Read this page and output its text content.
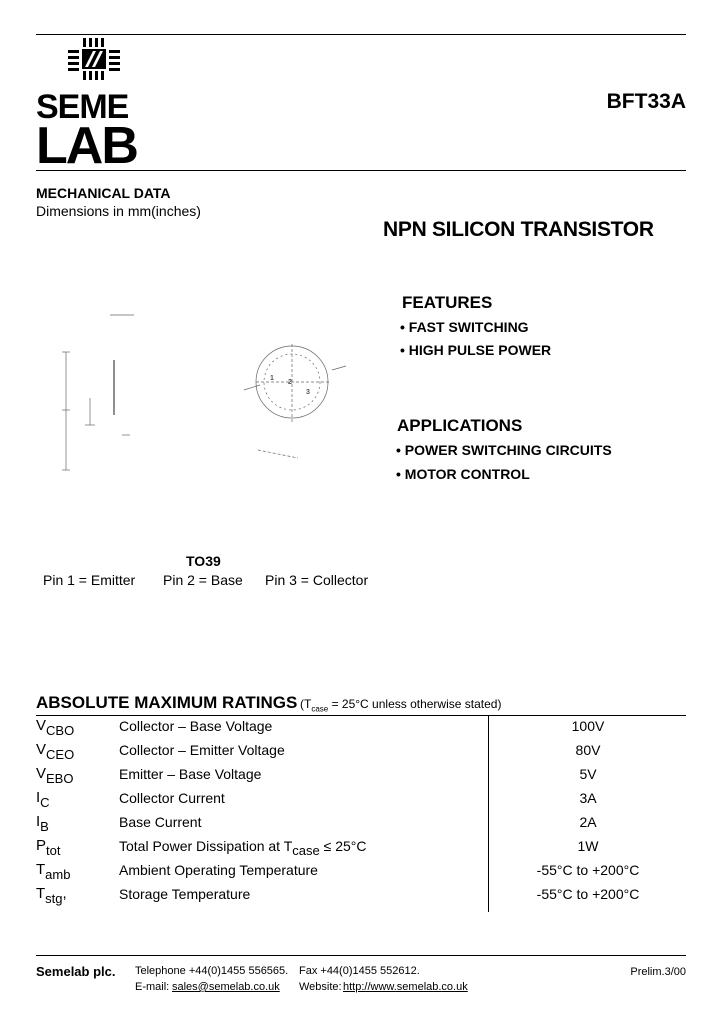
SEME
LAB
BFT33A
MECHANICAL DATA
Dimensions in mm(inches)
NPN SILICON TRANSISTOR
FEATURES
• FAST SWITCHING
• HIGH PULSE POWER
APPLICATIONS
• POWER SWITCHING CIRCUITS
• MOTOR CONTROL
1
2
3
TO39
Pin 1 = Emitter Pin 2 = Base Pin 3 = Collector
ABSOLUTE MAXIMUM RATINGS ($T_{case} = 25^\circ C$ unless otherwise stated)
$V_{CBO}$	Collector – Base Voltage	100V
$V_{CEO}$	Collector – Emitter Voltage	80V
$V_{EBO}$	Emitter – Base Voltage	5V
$I_C$	Collector Current	3A
$I_B$	Base Current	2A
$P_{tot}$	Total Power Dissipation at $T_{case} \le 25^\circ C$	1W
$T_{amb}$	Ambient Operating Temperature	-55°C to +200°C
$T_{stg}$,	Storage Temperature	-55°C to +200°C
Semelab plc. Telephone +44(0)1455 556565. Fax +44(0)1455 552612.
E-mail: sales@semelab.co.uk Website: http://www.semelab.co.uk
Prelim.3/00
